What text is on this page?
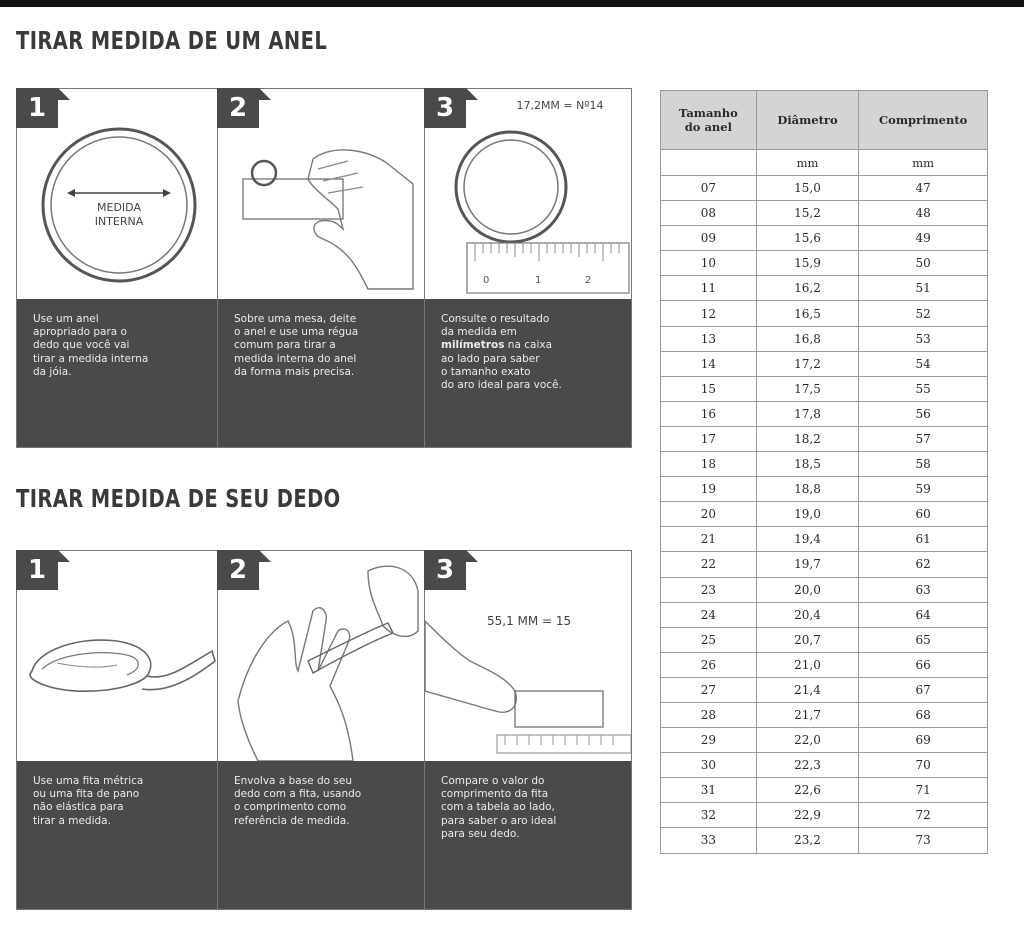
TIRAR MEDIDA DE UM ANEL
MEDIDA
INTERNA
1
Use um anel
apropriado para o
dedo que você vai
tirar a medida interna
da jóia.
2
Sobre uma mesa, deite
o anel e use uma régua
comum para tirar a
medida interna do anel
da forma mais precisa.
17,2MM = Nº14
0	1	2
3
Consulte o resultado
da medida em
milímetros na caixa
ao lado para saber
o tamanho exato
do aro ideal para você.
TIRAR MEDIDA DE SEU DEDO
1
Use uma fita métrica
ou uma fita de pano
não elástica para
tirar a medida.
2
Envolva a base do seu
dedo com a fita, usando
o comprimento como
referência de medida.
55,1 MM = 15
3
Compare o valor do
comprimento da fita
com a tabela ao lado,
para saber o aro ideal
para seu dedo.
Tamanho do anel	Diâmetro	Comprimento
	mm	mm
07	15,0	47
08	15,2	48
09	15,6	49
10	15,9	50
11	16,2	51
12	16,5	52
13	16,8	53
14	17,2	54
15	17,5	55
16	17,8	56
17	18,2	57
18	18,5	58
19	18,8	59
20	19,0	60
21	19,4	61
22	19,7	62
23	20,0	63
24	20,4	64
25	20,7	65
26	21,0	66
27	21,4	67
28	21,7	68
29	22,0	69
30	22,3	70
31	22,6	71
32	22,9	72
33	23,2	73
